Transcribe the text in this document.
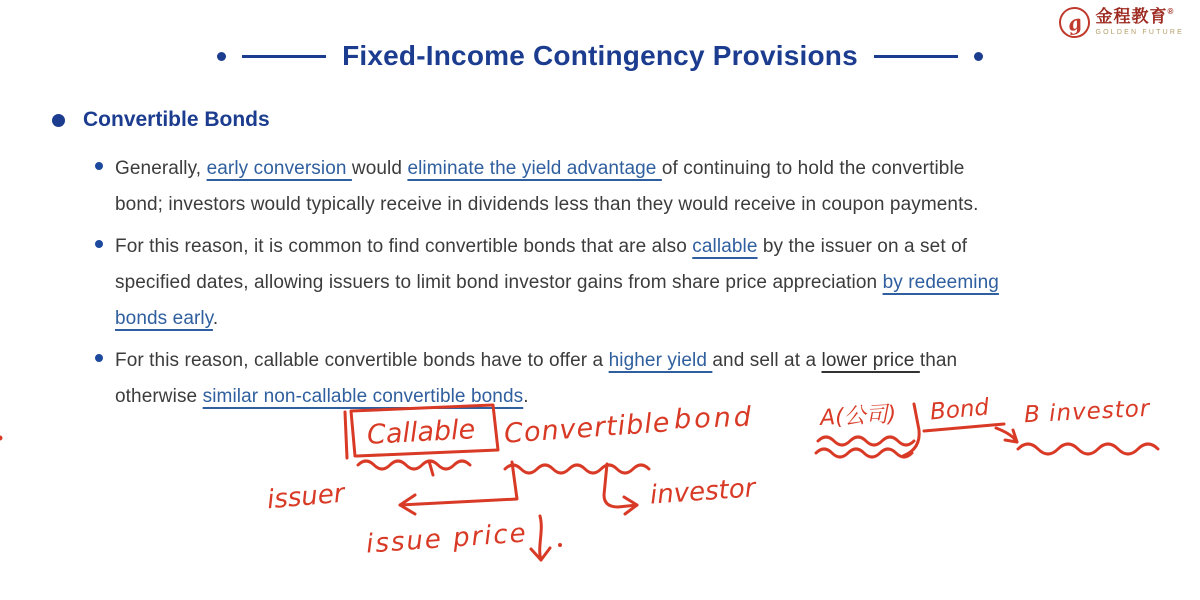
g 金程教育®
GOLDEN FUTURE
Fixed-Income Contingency Provisions
Convertible Bonds
Generally, early conversion would eliminate the yield advantage of continuing to hold the convertible
bond; investors would typically receive in dividends less than they would receive in coupon payments.
For this reason, it is common to find convertible bonds that are also callable by the issuer on a set of
specified dates, allowing issuers to limit bond investor gains from share price appreciation by redeeming
bonds early.
For this reason, callable convertible bonds have to offer a higher yield and sell at a lower price than
otherwise similar non-callable convertible bonds.
Callable Convertible bond	A(公司) Bond B investor
issuer	investor
issue price
